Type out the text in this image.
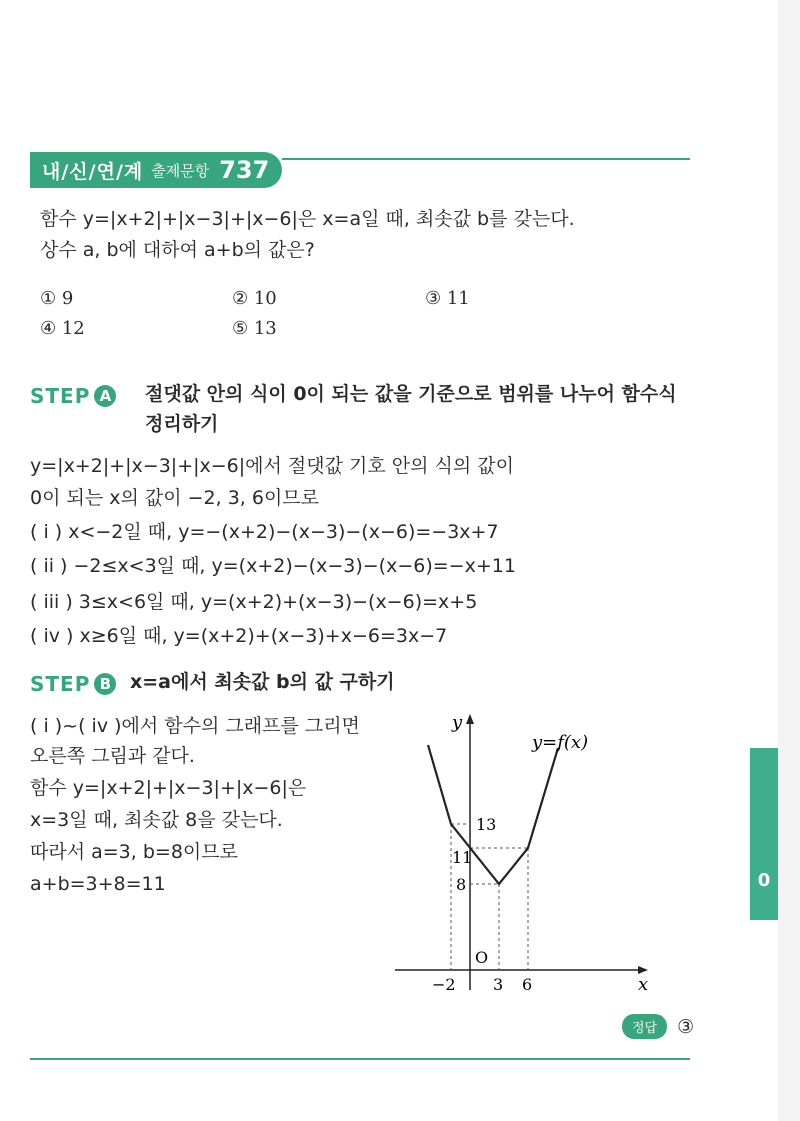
0
내/신/연/계 출제문항 737
함수 y=|x+2|+|x−3|+|x−6|은 x=a일 때, 최솟값 b를 갖는다.
상수 a, b에 대하여 a+b의 값은?
① 9	② 10	③ 11
④ 12	⑤ 13
STEP A 절댓값 안의 식이 0이 되는 값을 기준으로 범위를 나누어 함수식
정리하기
y=|x+2|+|x−3|+|x−6|에서 절댓값 기호 안의 식의 값이
0이 되는 x의 값이 −2, 3, 6이므로
( i ) x<−2일 때, y=−(x+2)−(x−3)−(x−6)=−3x+7
( ii ) −2≤x<3일 때, y=(x+2)−(x−3)−(x−6)=−x+11
( iii ) 3≤x<6일 때, y=(x+2)+(x−3)−(x−6)=x+5
( iv ) x≥6일 때, y=(x+2)+(x−3)+x−6=3x−7
STEP B x=a에서 최솟값 b의 값 구하기
( i )~( iv )에서 함수의 그래프를 그리면
오른쪽 그림과 같다.
함수 y=|x+2|+|x−3|+|x−6|은
x=3일 때, 최솟값 8을 갖는다.
따라서 a=3, b=8이므로
a+b=3+8=11
y
x
y=f(x)
O
−2 3 6
13
11
8
정답	③
